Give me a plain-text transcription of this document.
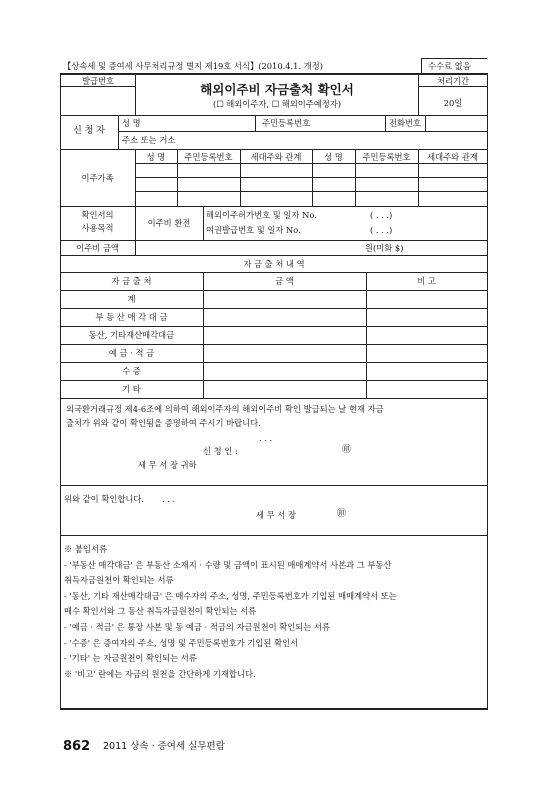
【상속세 및 증여세 사무처리규정 별지 제19호 서식】(2010.4.1. 개정)	수수료 없음
발급번호
해외이주비 자금출처 확인서
(☐ 해외이주자, ☐ 해외이주예정자)
처리기간
20일
신 청 자
성 명	주민등록번호	전화번호
주소 또는 거소
이주가족
성 명	주민등록번호	세대주와 관계	성 명	주민등록번호	세대주와 관계
확인서의
사용목적	이주비 환전
해외이주허가번호 및 일자 No.	( . . .)
여권발급번호 및 일자 No.	( . . .)
이주비 금액	원(미화 $)
자 금 출 처 내 역
자 금 출 처	금 액	비 고
계
부 동 산 매 각 대 금
동산, 기타재산매각대금
예 금 · 적 금
수 증
기 타
외국환거래규정 제4-6조에 의하여 해외이주자의 해외이주비 확인 발급되는 날 현재 자금
출처가 위와 같이 확인됨을 증명하여 주시기 바랍니다.
. . .
신 청 인 :	㊞
세 무 서 장 귀하
위와 같이 확인합니다. . . .
세 무 서 장	㊞
※ 붙임서류
- '부동산 매각대금' 은 부동산 소재지 · 수량 및 금액이 표시된 매매계약서 사본과 그 부동산
취득자금원천이 확인되는 서류
- '동산, 기타 재산매각대금' 은 매수자의 주소, 성명, 주민등록번호가 기입된 매매계약서 또는
매수 확인서와 그 동산 취득자금원천이 확인되는 서류
- '예금 · 적금' 은 통장 사본 및 동 예금 · 적금의 자금원천이 확인되는 서류
- '수증' 은 증여자의 주소, 성명 및 주민등록번호가 기입된 확인서
- '기타' 는 자금원천이 확인되는 서류
※ '비고' 란에는 자금의 원천을 간단하게 기재합니다.
862 2011 상속 · 증여세 실무편람
